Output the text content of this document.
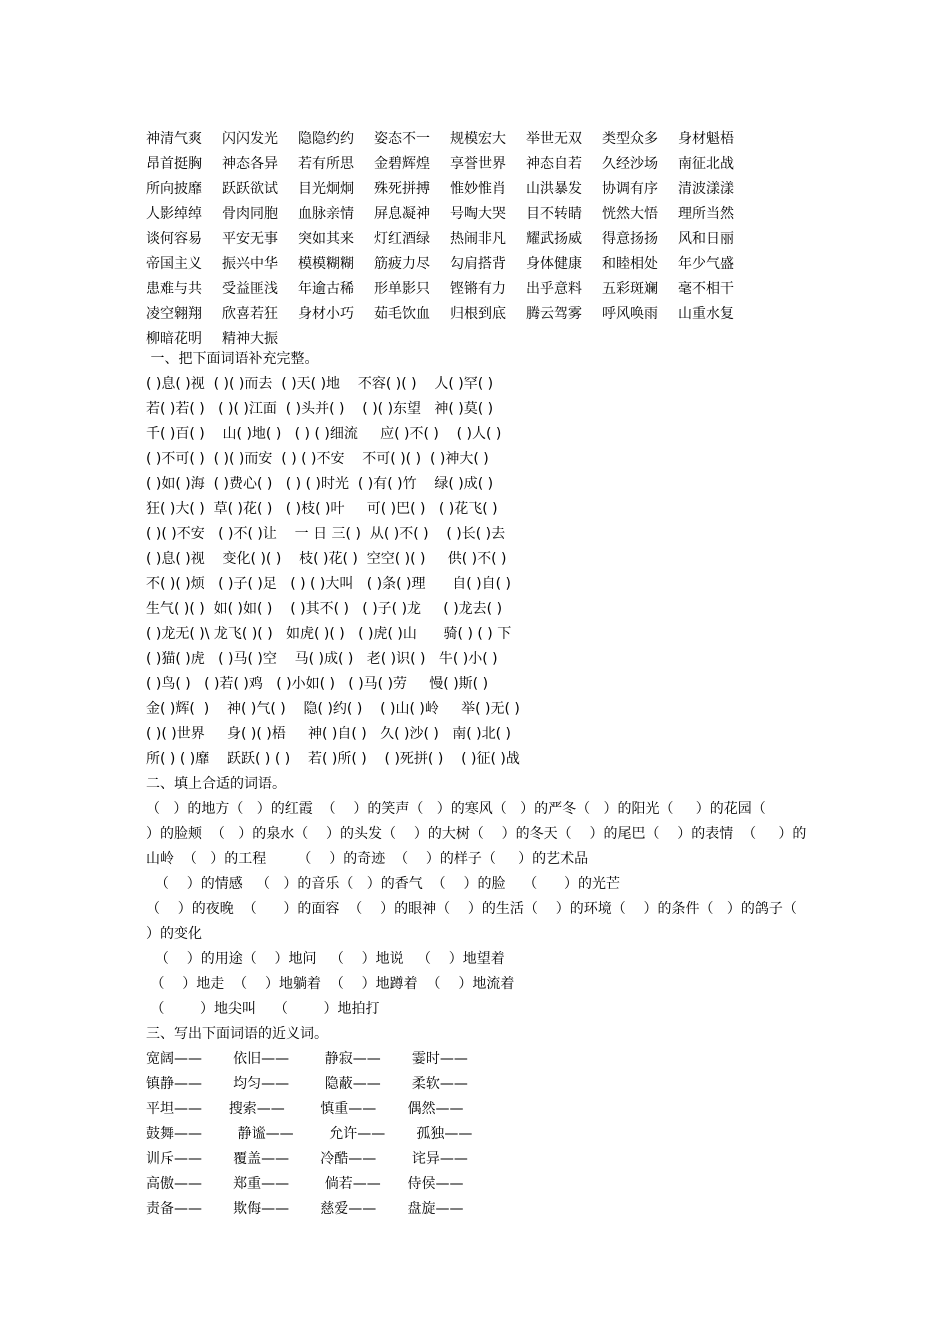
神清气爽 闪闪发光 隐隐约约 姿态不一 规模宏大 举世无双 类型众多 身材魁梧
昂首挺胸 神态各异 若有所思 金碧辉煌 享誉世界 神态自若 久经沙场 南征北战
所向披靡 跃跃欲试 目光炯炯 殊死拼搏 惟妙惟肖 山洪暴发 协调有序 清波漾漾
人影绰绰 骨肉同胞 血脉亲情 屏息凝神 号啕大哭 目不转睛 恍然大悟 理所当然
谈何容易 平安无事 突如其来 灯红酒绿 热闹非凡 耀武扬威 得意扬扬 风和日丽
帝国主义 振兴中华 模模糊糊 筋疲力尽 勾肩搭背 身体健康 和睦相处 年少气盛
患难与共 受益匪浅 年逾古稀 形单影只 铿锵有力 出乎意料 五彩斑斓 毫不相干
凌空翱翔 欣喜若狂 身材小巧 茹毛饮血 归根到底 腾云驾雾 呼风唤雨 山重水复
柳暗花明 精神大振
一、把下面词语补充完整。
( )息( )视  ( )( )而去  ( )天( )地    不容( )( )    人( )罕( )
若( )若( )   ( )( )江面  ( )头并( )    ( )( )东望   神( )莫( )
千( )百( )    山( )地( )   ( ) ( )细流     应( )不( )    ( )人( )
( )不可( )  ( )( )而安  ( ) ( )不安    不可( )( )  ( )神大( )
( )如( )海  ( )费心( )   ( ) ( )时光  ( )有( )竹    绿( )成( )
狂( )大( )  草( )花( )   ( )枝( )叶     可( )巴( )   ( )花飞( )
( )( )不安   ( )不( )让    一 日 三( )  从( )不( )    ( )长( )去
( )息( )视    变化( )( )    枝( )花( )  空空( )( )     供( )不( )
不( )( )烦   ( )子( )足   ( ) ( )大叫   ( )条( )理      自( )自( )
生气( )( )  如( )如( )    ( )其不( )   ( )子( )龙     ( )龙去( )
( )龙无( )\ 龙飞( )( )   如虎( )( )   ( )虎( )山      骑( ) ( ) 下
( )猫( )虎   ( )马( )空    马( )成( )   老( )识( )   牛( )小( )
( )鸟( )   ( )若( )鸡   ( )小如( )   ( )马( )劳     慢( )斯( )
金( )辉(  )    神( )气( )    隐( )约( )    ( )山( )岭     举( )无( )
( )( )世界     身( )( )梧     神( )自( )   久( )沙( )   南( )北( )
所( ) ( )靡    跃跃( ) ( )    若( )所( )    ( )死拼( )    ( )征( )战
二、填上合适的词语。
（   ）的地方（   ）的红霞  （    ）的笑声（   ）的寒风（   ）的严冬（   ）的阳光（     ）的花园（
）的脸颊  （   ）的泉水（    ）的头发（    ）的大树（    ）的冬天（    ）的尾巴（    ）的表情  （     ）的
山岭  （   ）的工程       （    ）的奇迹  （    ）的样子（     ）的艺术品
（    ）的情感   （   ）的音乐（   ）的香气  （    ）的脸    （      ）的光芒
（    ）的夜晚  （      ）的面容  （    ）的眼神（    ）的生活（    ）的环境（    ）的条件（   ）的鸽子（
）的变化
（    ）的用途（    ）地问   （    ）地说   （    ）地望着
（    ）地走  （    ）地躺着  （    ）地蹲着  （    ）地流着
（        ）地尖叫    （        ）地拍打
三、写出下面词语的近义词。
宽阔——       依旧——        静寂——       霎时——
镇静——       均匀——        隐蔽——       柔软——
平坦——      搜索——        慎重——       偶然——
鼓舞——        静谧——        允许——       孤独——
训斥——       覆盖——       冷酷——        诧异——
高傲——       郑重——        倘若——      侍侯——
责备——       欺侮——       慈爱——       盘旋——
